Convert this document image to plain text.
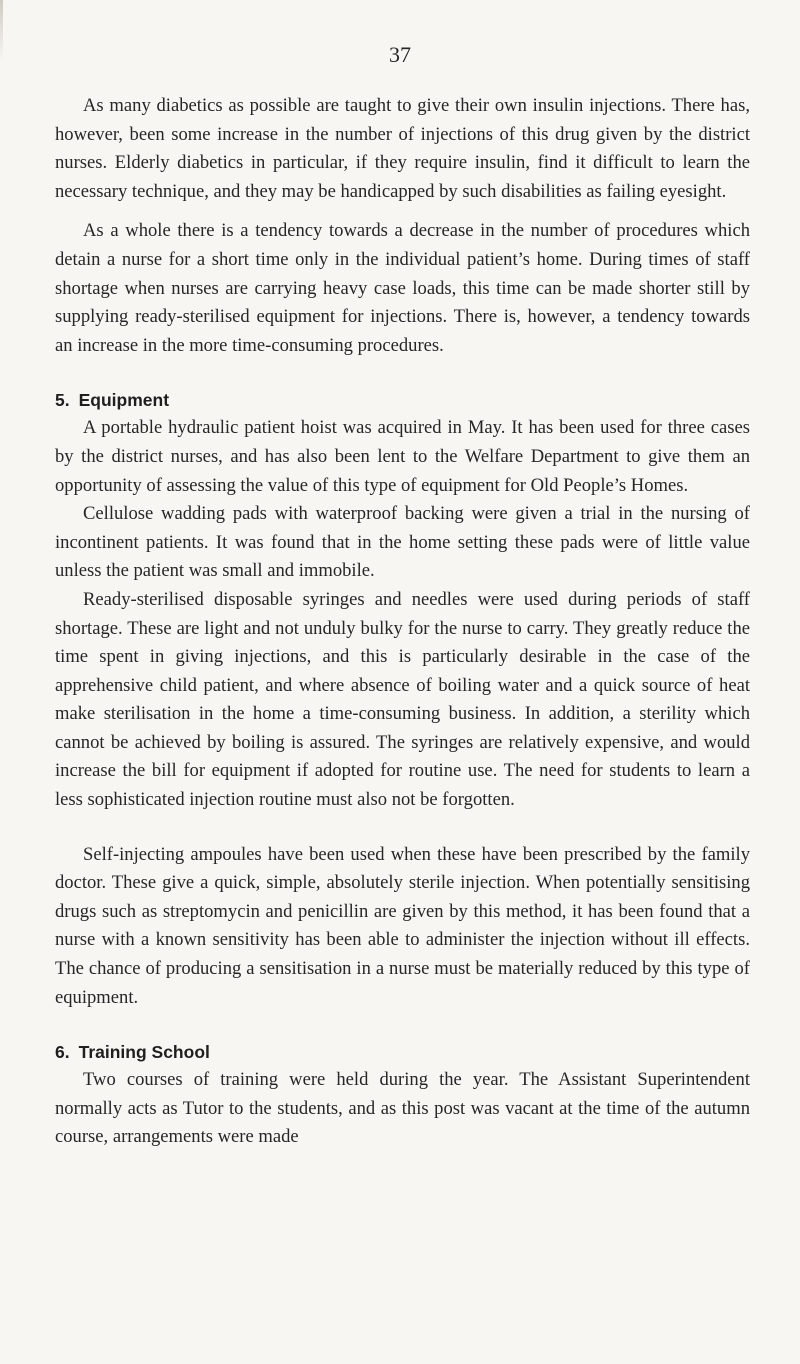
37

As many diabetics as possible are taught to give their own insulin injections. There has, however, been some increase in the number of injections of this drug given by the district nurses. Elderly diabetics in particular, if they require insulin, find it difficult to learn the necessary technique, and they may be handicapped by such disabilities as failing eyesight.

As a whole there is a tendency towards a decrease in the number of procedures which detain a nurse for a short time only in the individual patient’s home. During times of staff shortage when nurses are carrying heavy case loads, this time can be made shorter still by supplying ready-sterilised equipment for injections. There is, however, a tendency towards an increase in the more time-consuming procedures.

5. Equipment

A portable hydraulic patient hoist was acquired in May. It has been used for three cases by the district nurses, and has also been lent to the Welfare Department to give them an opportunity of assessing the value of this type of equipment for Old People’s Homes.

Cellulose wadding pads with waterproof backing were given a trial in the nursing of incontinent patients. It was found that in the home setting these pads were of little value unless the patient was small and immobile.

Ready-sterilised disposable syringes and needles were used during periods of staff shortage. These are light and not unduly bulky for the nurse to carry. They greatly reduce the time spent in giving injections, and this is particularly desirable in the case of the apprehensive child patient, and where absence of boiling water and a quick source of heat make sterilisation in the home a time-consuming business. In addition, a sterility which cannot be achieved by boiling is assured. The syringes are relatively expensive, and would increase the bill for equipment if adopted for routine use. The need for students to learn a less sophisticated injection routine must also not be forgotten.

Self-injecting ampoules have been used when these have been prescribed by the family doctor. These give a quick, simple, absolutely sterile injection. When potentially sensitising drugs such as streptomycin and penicillin are given by this method, it has been found that a nurse with a known sensitivity has been able to administer the injection without ill effects. The chance of producing a sensitisation in a nurse must be materially reduced by this type of equipment.

6. Training School

Two courses of training were held during the year. The Assistant Superintendent normally acts as Tutor to the students, and as this post was vacant at the time of the autumn course, arrangements were made
